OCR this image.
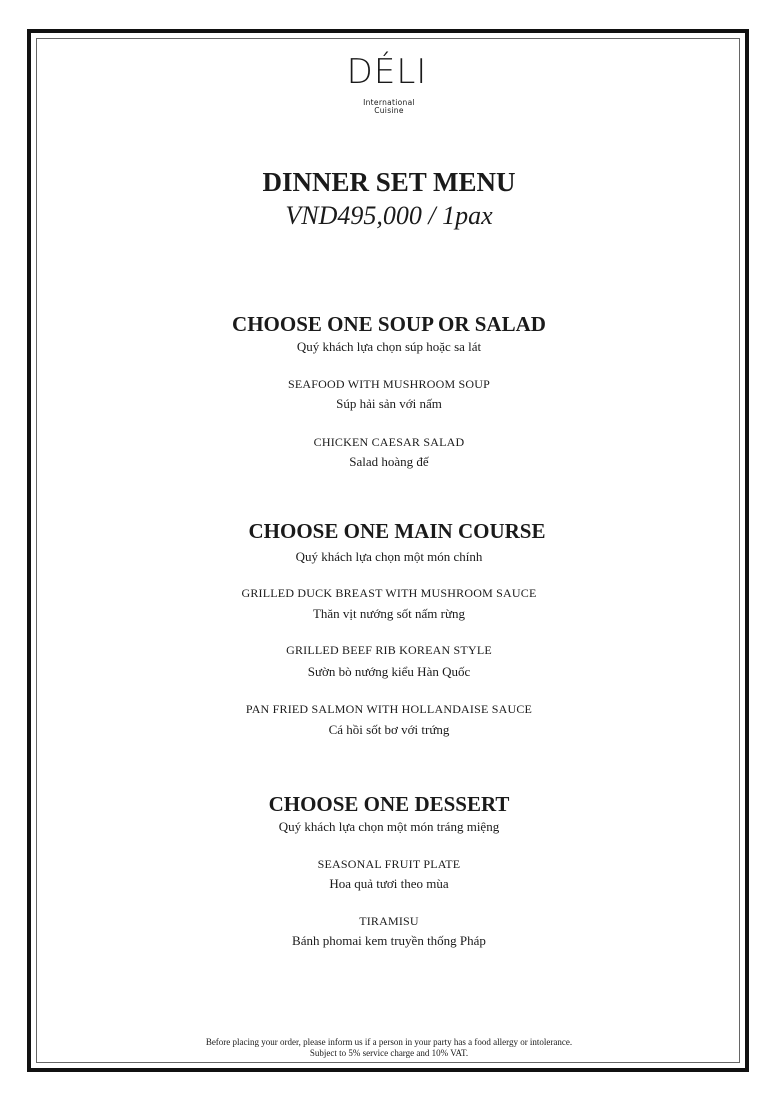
DÉLI
International
Cuisine
DINNER SET MENU
VND495,000 / 1pax
CHOOSE ONE SOUP OR SALAD
Quý khách lựa chọn súp hoặc sa lát
SEAFOOD WITH MUSHROOM SOUP
Súp hải sản với nấm
CHICKEN CAESAR SALAD
Salad hoàng đế
CHOOSE ONE MAIN COURSE
Quý khách lựa chọn một món chính
GRILLED DUCK BREAST WITH MUSHROOM SAUCE
Thăn vịt nướng sốt nấm rừng
GRILLED BEEF RIB KOREAN STYLE
Sườn bò nướng kiểu Hàn Quốc
PAN FRIED SALMON WITH HOLLANDAISE SAUCE
Cá hồi sốt bơ với trứng
CHOOSE ONE DESSERT
Quý khách lựa chọn một món tráng miệng
SEASONAL FRUIT PLATE
Hoa quả tươi theo mùa
TIRAMISU
Bánh phomai kem truyền thống Pháp
Before placing your order, please inform us if a person in your party has a food allergy or intolerance.
Subject to 5% service charge and 10% VAT.
